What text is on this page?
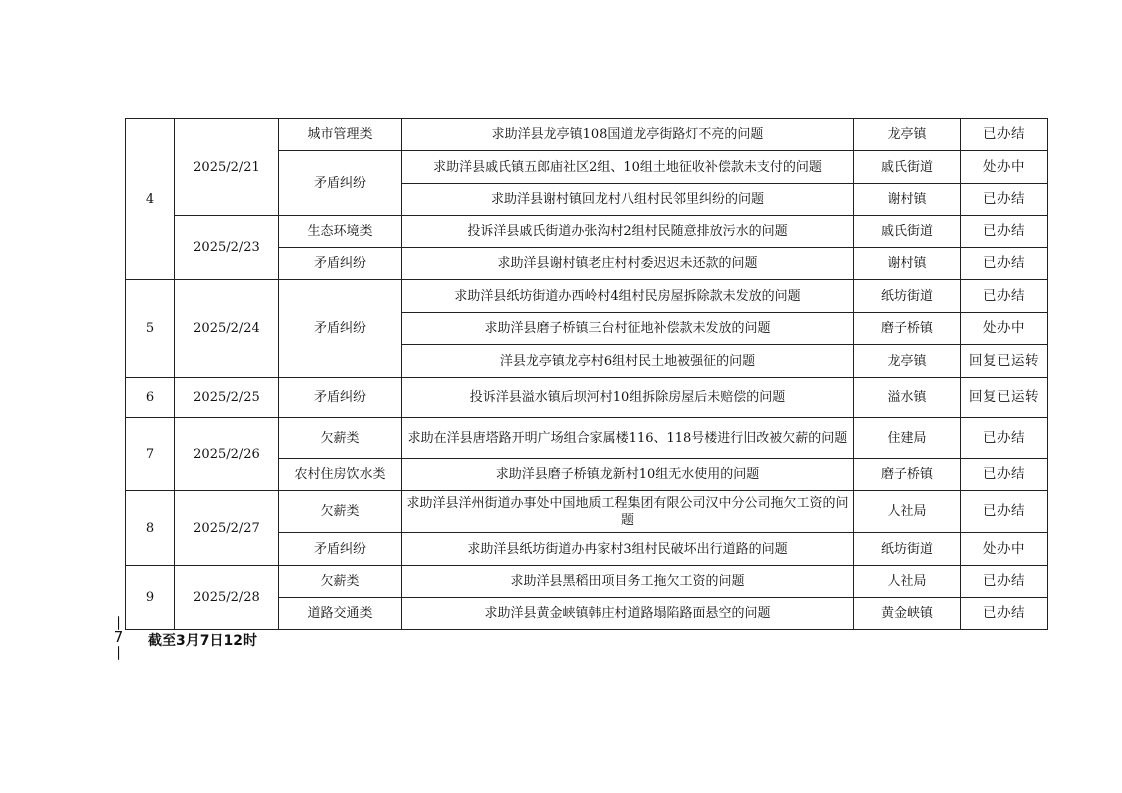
4	2025/2/21	城市管理类	求助洋县龙亭镇108国道龙亭街路灯不亮的问题	龙亭镇	已办结
		矛盾纠纷	求助洋县戚氏镇五郎庙社区2组、10组土地征收补偿款未支付的问题	戚氏街道	处办中
			求助洋县谢村镇回龙村八组村民邻里纠纷的问题	谢村镇	已办结
	2025/2/23	生态环境类	投诉洋县戚氏街道办张沟村2组村民随意排放污水的问题	戚氏街道	已办结
		矛盾纠纷	求助洋县谢村镇老庄村村委迟迟未还款的问题	谢村镇	已办结
5	2025/2/24	矛盾纠纷	求助洋县纸坊街道办西岭村4组村民房屋拆除款未发放的问题	纸坊街道	已办结
			求助洋县磨子桥镇三台村征地补偿款未发放的问题	磨子桥镇	处办中
			洋县龙亭镇龙亭村6组村民土地被强征的问题	龙亭镇	回复已运转
6	2025/2/25	矛盾纠纷	投诉洋县溢水镇后坝河村10组拆除房屋后未赔偿的问题	溢水镇	回复已运转
7	2025/2/26	欠薪类	求助在洋县唐塔路开明广场组合家属楼116、118号楼进行旧改被欠薪的问题	住建局	已办结
		农村住房饮水类	求助洋县磨子桥镇龙新村10组无水使用的问题	磨子桥镇	已办结
8	2025/2/27	欠薪类	求助洋县洋州街道办事处中国地质工程集团有限公司汉中分公司拖欠工资的问题	人社局	已办结
		矛盾纠纷	求助洋县纸坊街道办冉家村3组村民破坏出行道路的问题	纸坊街道	处办中
9	2025/2/28	欠薪类	求助洋县黑稻田项目务工拖欠工资的问题	人社局	已办结
		道路交通类	求助洋县黄金峡镇韩庄村道路塌陷路面悬空的问题	黄金峡镇	已办结
—
7
—
截至3月7日12时
